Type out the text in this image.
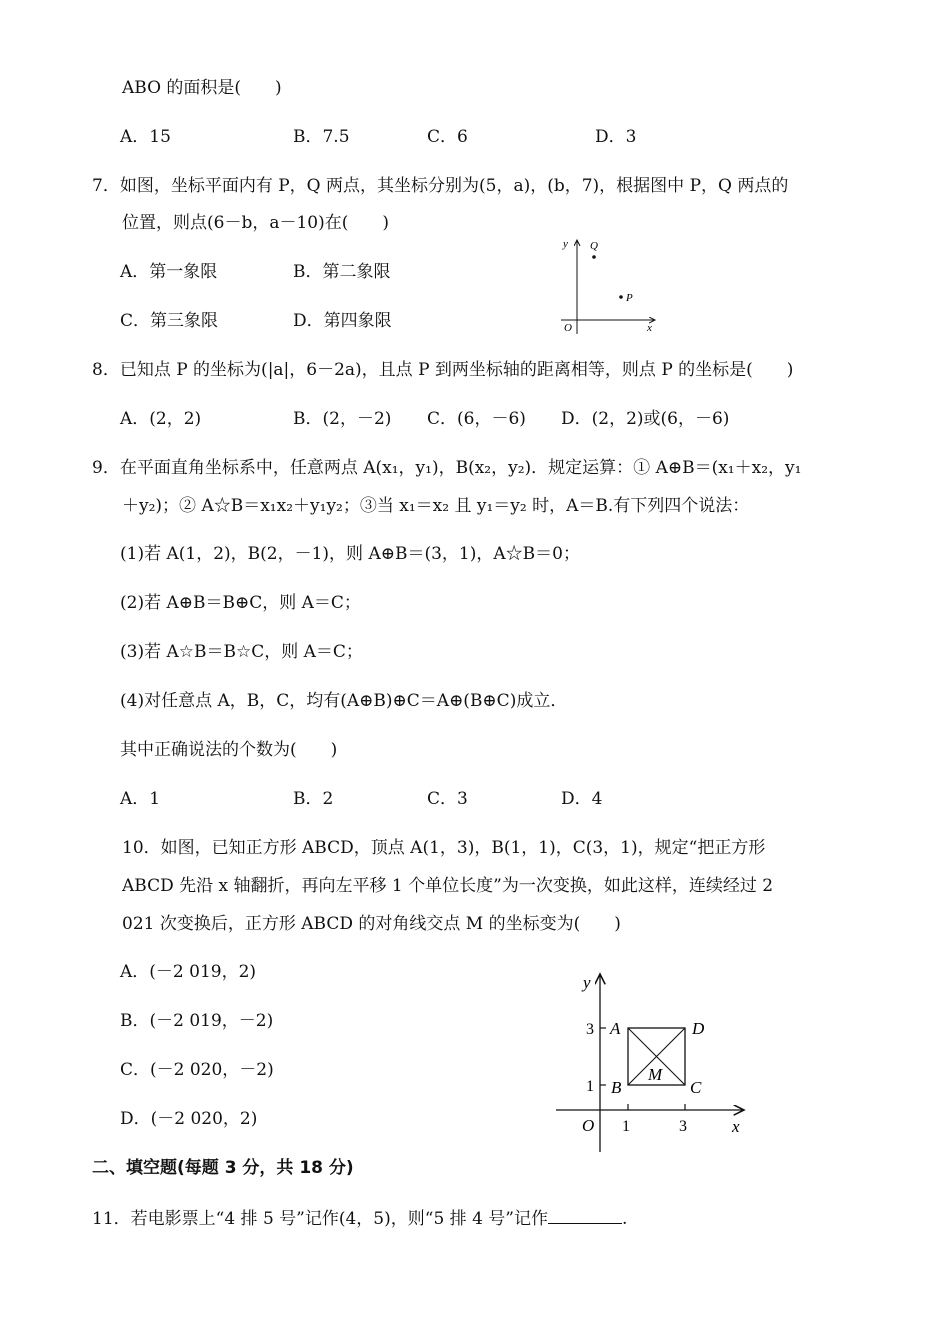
ABO 的面积是(　　)
A．15	B．7.5	C．6	D．3
7．如图，坐标平面内有 P，Q 两点，其坐标分别为(5，a)，(b，7)，根据图中 P，Q 两点的
位置，则点(6－b，a－10)在(　　)
A．第一象限	B．第二象限
C．第三象限	D．第四象限
y
x
O
Q
P
8．已知点 P 的坐标为(|a|，6－2a)，且点 P 到两坐标轴的距离相等，则点 P 的坐标是(　　)
A．(2，2)	B．(2，－2) C．(6，－6) D．(2，2)或(6，－6)
9．在平面直角坐标系中，任意两点 A(x₁，y₁)，B(x₂，y₂)．规定运算：① A⊕B＝(x₁＋x₂，y₁
＋y₂)；② A☆B＝x₁x₂＋y₁y₂；③当 x₁＝x₂ 且 y₁＝y₂ 时，A＝B.有下列四个说法：
(1)若 A(1，2)，B(2，－1)，则 A⊕B＝(3，1)，A☆B＝0；
(2)若 A⊕B＝B⊕C，则 A＝C；
(3)若 A☆B＝B☆C，则 A＝C；
(4)对任意点 A，B，C，均有(A⊕B)⊕C＝A⊕(B⊕C)成立．
其中正确说法的个数为(　　)
A．1	B．2	C．3	D．4
10．如图，已知正方形 ABCD，顶点 A(1，3)，B(1，1)，C(3，1)，规定“把正方形
ABCD 先沿 x 轴翻折，再向左平移 1 个单位长度”为一次变换，如此这样，连续经过 2
021 次变换后，正方形 ABCD 的对角线交点 M 的坐标变为(　　)
A．(－2 019，2)
B．(－2 019，－2)
C．(－2 020，－2)
D．(－2 020，2)
y
x
O 1	3
1
3 A
B	C
D
M
二、填空题(每题 3 分，共 18 分)
11．若电影票上“4 排 5 号”记作(4，5)，则“5 排 4 号”记作	.
